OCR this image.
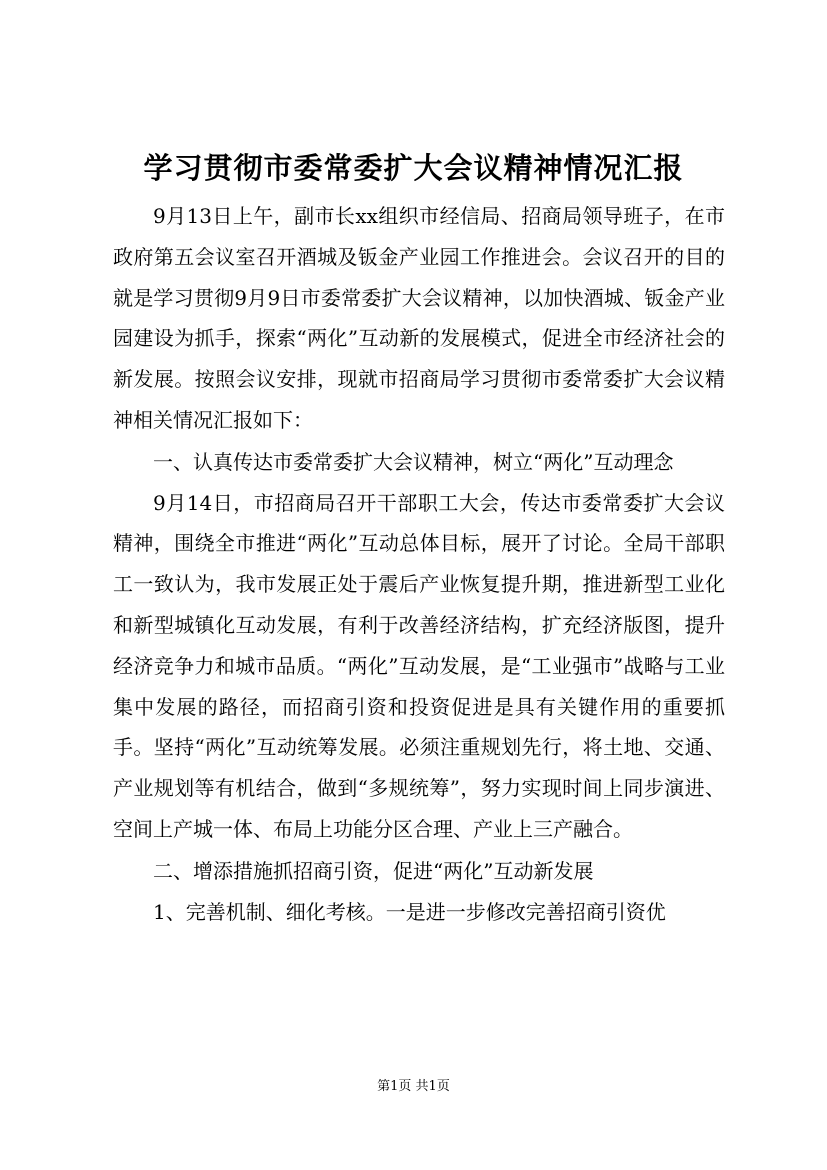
学习贯彻市委常委扩大会议精神情况汇报

9月13日上午，副市长xx组织市经信局、招商局领导班子，在市政府第五会议室召开酒城及钣金产业园工作推进会。会议召开的目的就是学习贯彻9月9日市委常委扩大会议精神，以加快酒城、钣金产业园建设为抓手，探索“两化”互动新的发展模式，促进全市经济社会的新发展。按照会议安排，现就市招商局学习贯彻市委常委扩大会议精神相关情况汇报如下：

一、认真传达市委常委扩大会议精神，树立“两化”互动理念

9月14日，市招商局召开干部职工大会，传达市委常委扩大会议精神，围绕全市推进“两化”互动总体目标，展开了讨论。全局干部职工一致认为，我市发展正处于震后产业恢复提升期，推进新型工业化和新型城镇化互动发展，有利于改善经济结构，扩充经济版图，提升经济竞争力和城市品质。“两化”互动发展，是“工业强市”战略与工业集中发展的路径，而招商引资和投资促进是具有关键作用的重要抓手。坚持“两化”互动统筹发展。必须注重规划先行，将土地、交通、产业规划等有机结合，做到“多规统筹”，努力实现时间上同步演进、空间上产城一体、布局上功能分区合理、产业上三产融合。

二、增添措施抓招商引资，促进“两化”互动新发展

1、完善机制、细化考核。一是进一步修改完善招商引资优

第1页 共1页
